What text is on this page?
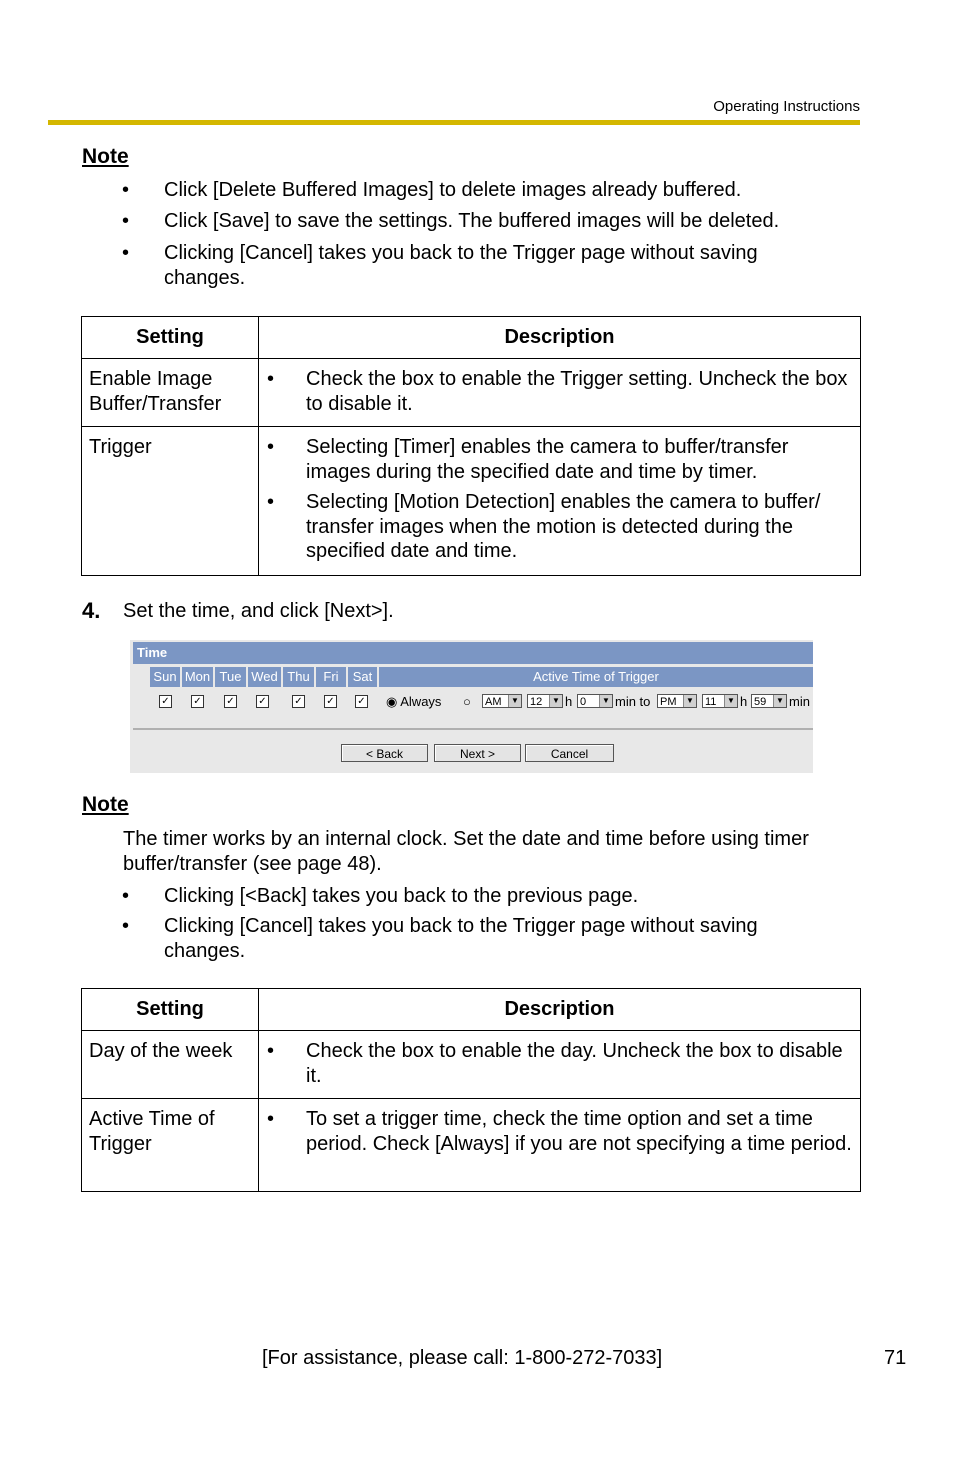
Operating Instructions
Note
• Click [Delete Buffered Images] to delete images already buffered.
• Click [Save] to save the settings. The buffered images will be deleted.
• Clicking [Cancel] takes you back to the Trigger page without saving changes.
Setting	Description
Enable Image Buffer/Transfer	• Check the box to enable the Trigger setting. Uncheck the box to disable it.

Trigger	• Selecting [Timer] enables the camera to buffer/transfer images during the specified date and time by timer.
• Selecting [Motion Detection] enables the camera to buffer/ transfer images when the motion is detected during the specified date and time.
4. Set the time, and click [Next>].
Time
Sun Mon Tue Wed Thu	Fri	Sat	Active Time of Trigger
✓ ✓ ✓ ✓	✓ ✓ ✓ ◉ Always ○ AM	▼ 12	▼ h 0	▼ min to PM	▼ 11	▼ h 59	▼ min
< Back	Next >	Cancel
Note
The timer works by an internal clock. Set the date and time before using timer buffer/transfer (see page 48).
• Clicking [<Back] takes you back to the previous page.
• Clicking [Cancel] takes you back to the Trigger page without saving changes.
Setting	Description
Day of the week	• Check the box to enable the day. Uncheck the box to disable it.

Active Time of Trigger	• To set a trigger time, check the time option and set a time period. Check [Always] if you are not specifying a time period.
[For assistance, please call: 1-800-272-7033]	71
